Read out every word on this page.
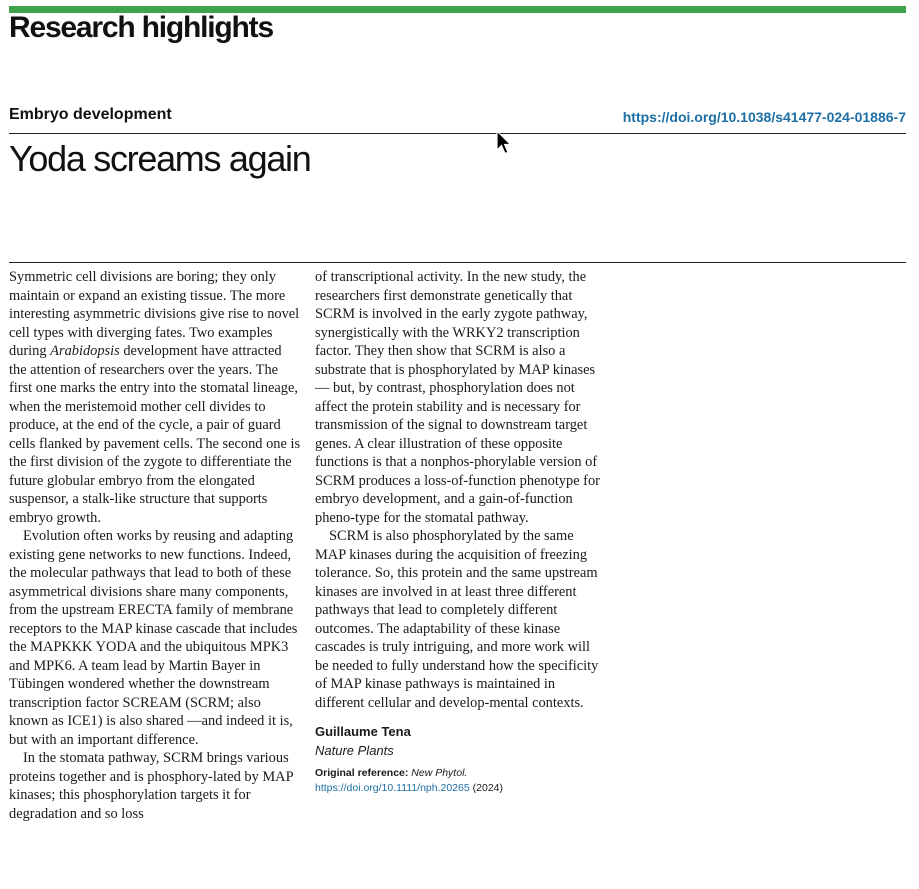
Research highlights
Embryo development	https://doi.org/10.1038/s41477-024-01886-7
Yoda screams again

Symmetric cell divisions are boring; they only maintain or expand an existing tissue. The more interesting asymmetric divisions give rise to novel cell types with diverging fates. Two examples during Arabidopsis development have attracted the attention of researchers over the years. The first one marks the entry into the stomatal lineage, when the meristemoid mother cell divides to produce, at the end of the cycle, a pair of guard cells flanked by pavement cells. The second one is the first division of the zygote to differentiate the future globular embryo from the elongated suspensor, a stalk-like structure that supports embryo growth.

Evolution often works by reusing and adapting existing gene networks to new functions. Indeed, the molecular pathways that lead to both of these asymmetrical divisions share many components, from the upstream ERECTA family of membrane receptors to the MAP kinase cascade that includes the MAPKKK YODA and the ubiquitous MPK3 and MPK6. A team lead by Martin Bayer in Tübingen wondered whether the downstream transcription factor SCREAM (SCRM; also known as ICE1) is also shared —and indeed it is, but with an important difference.

In the stomata pathway, SCRM brings various proteins together and is phosphory-lated by MAP kinases; this phosphorylation targets it for degradation and so loss

of transcriptional activity. In the new study, the researchers first demonstrate genetically that SCRM is involved in the early zygote pathway, synergistically with the WRKY2 transcription factor. They then show that SCRM is also a substrate that is phosphorylated by MAP kinases — but, by contrast, phosphorylation does not affect the protein stability and is necessary for transmission of the signal to downstream target genes. A clear illustration of these opposite functions is that a nonphos-phorylable version of SCRM produces a loss-of-function phenotype for embryo development, and a gain-of-function pheno-type for the stomatal pathway.

SCRM is also phosphorylated by the same MAP kinases during the acquisition of freezing tolerance. So, this protein and the same upstream kinases are involved in at least three different pathways that lead to completely different outcomes. The adaptability of these kinase cascades is truly intriguing, and more work will be needed to fully understand how the specificity of MAP kinase pathways is maintained in different cellular and develop-mental contexts.

Guillaume Tena
Nature Plants
Original reference: New Phytol. https://doi.org/10.1111/nph.20265 (2024)
